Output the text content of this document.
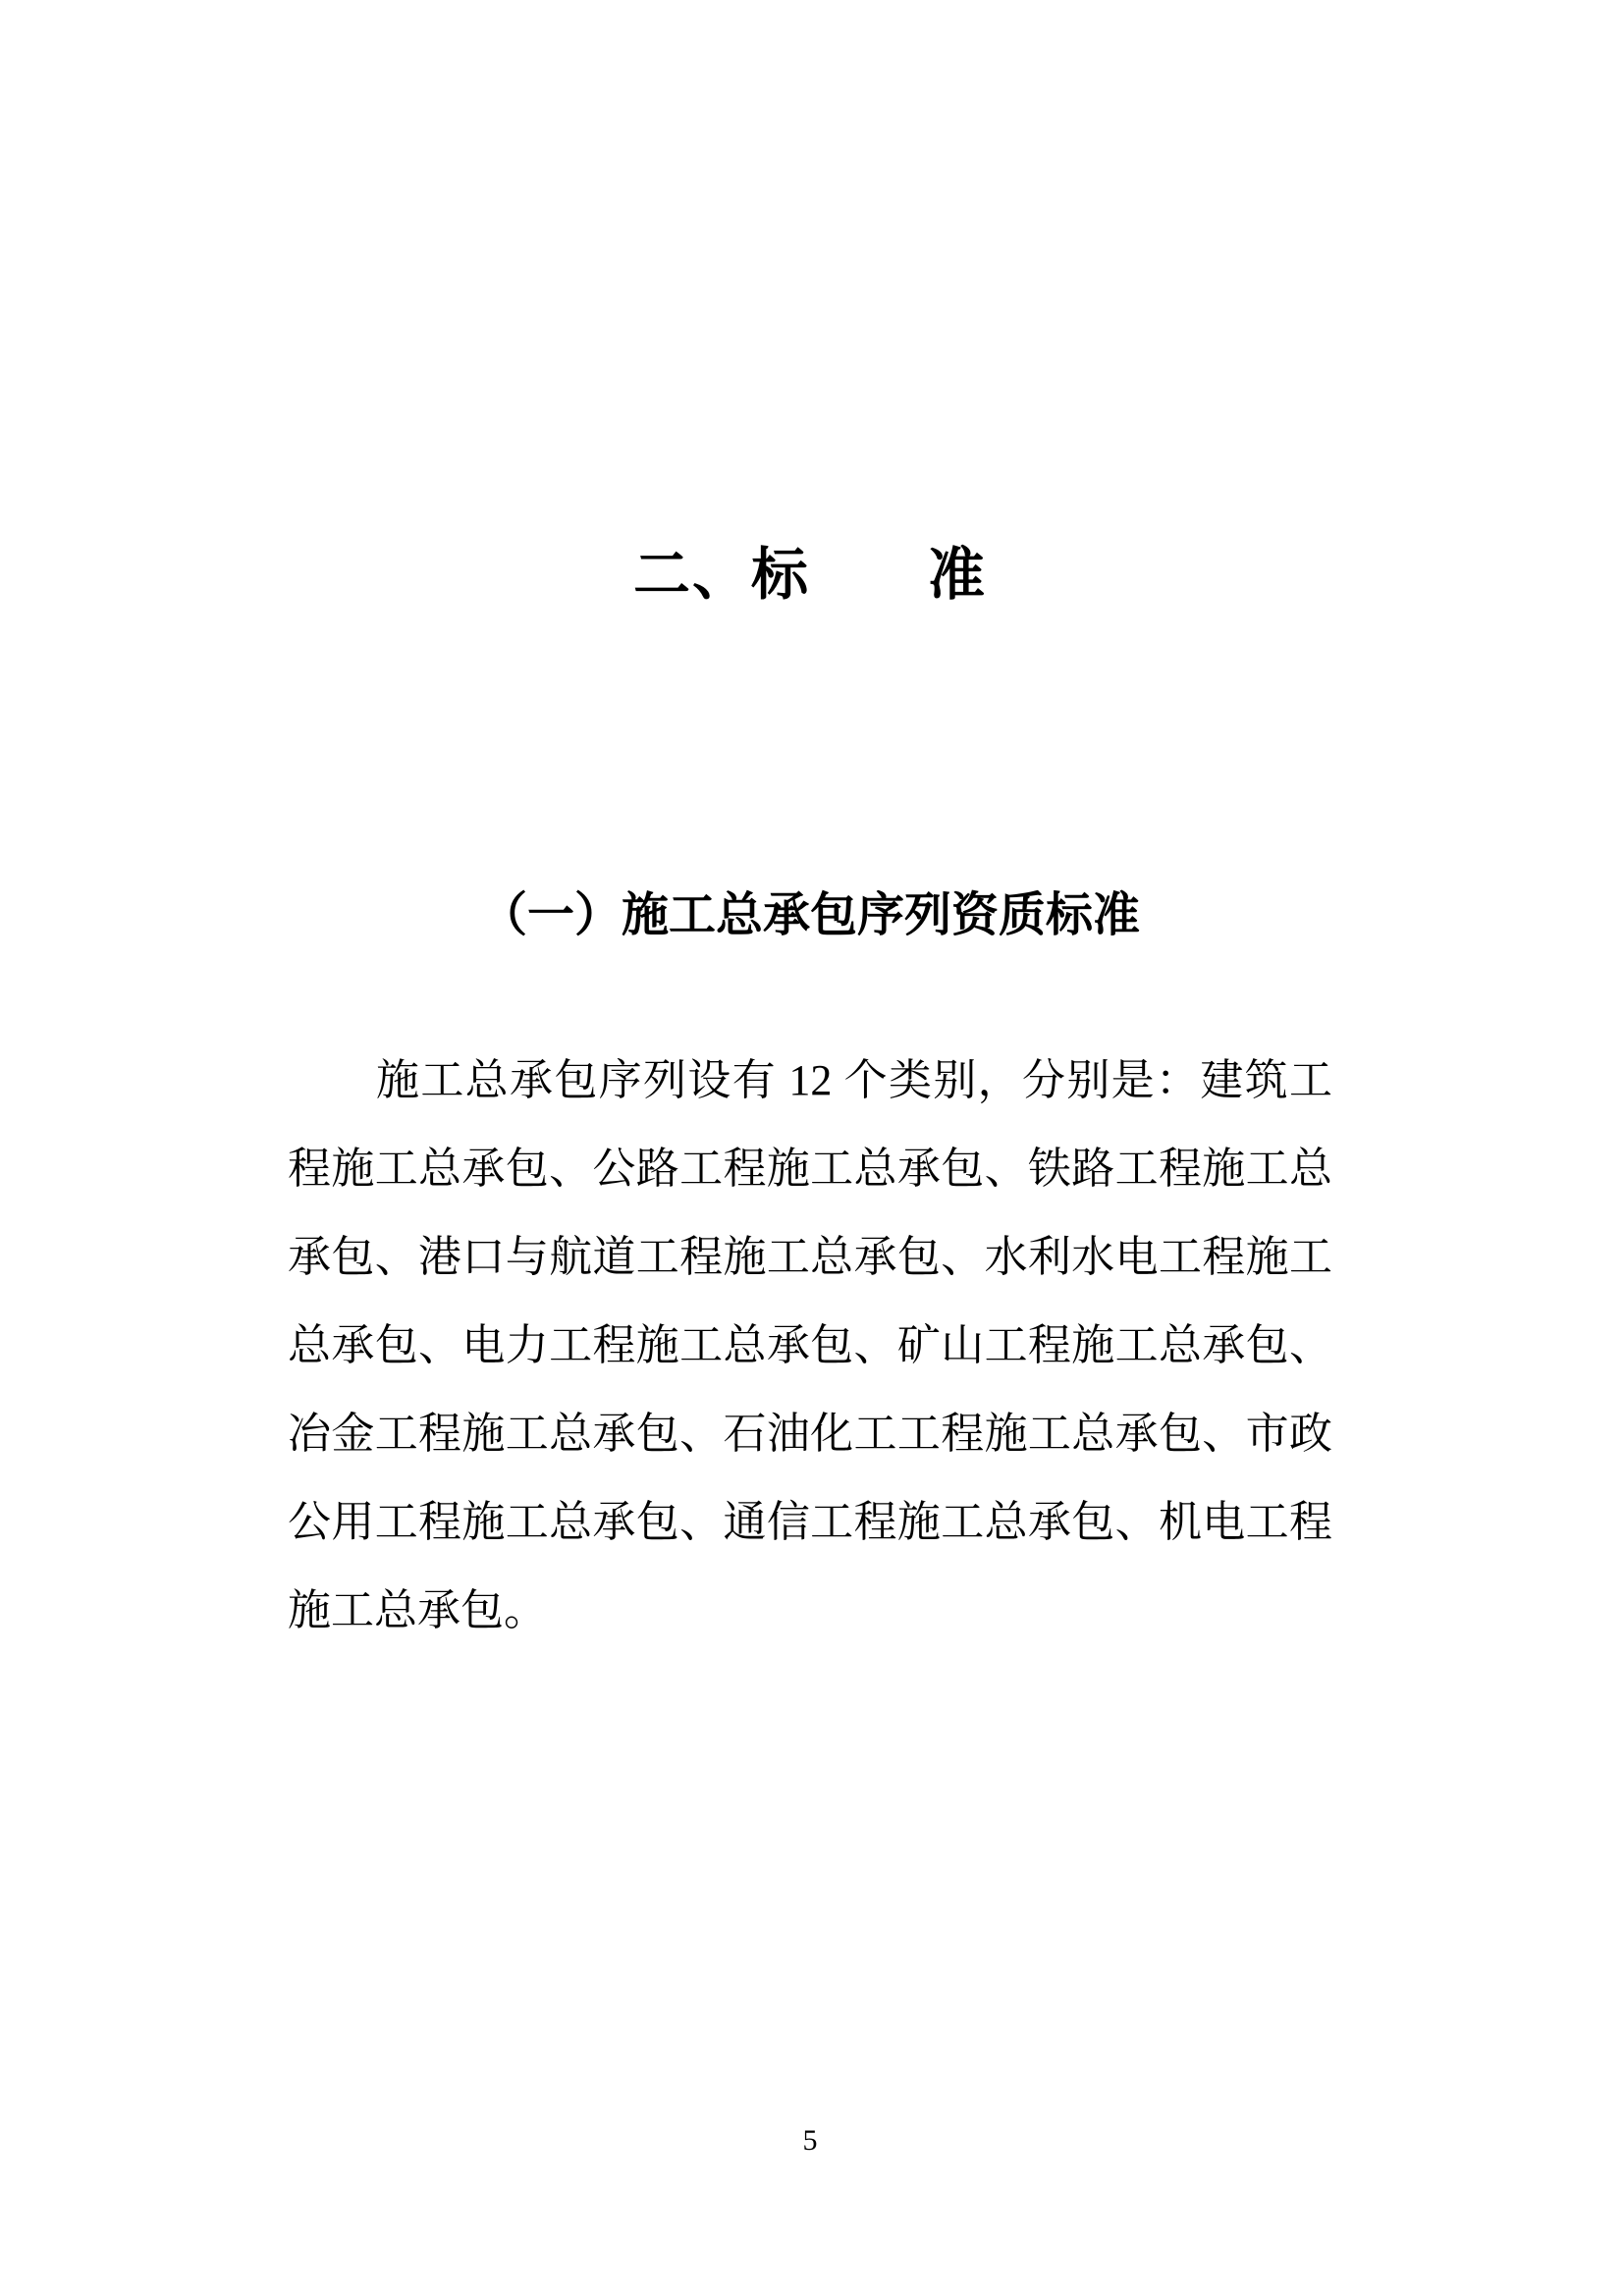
二、标　　准
（一）施工总承包序列资质标准
施工总承包序列设有 12 个类别，分别是：建筑工
程施工总承包、公路工程施工总承包、铁路工程施工总
承包、港口与航道工程施工总承包、水利水电工程施工
总承包、电力工程施工总承包、矿山工程施工总承包、
冶金工程施工总承包、石油化工工程施工总承包、市政
公用工程施工总承包、通信工程施工总承包、机电工程
施工总承包。
5
